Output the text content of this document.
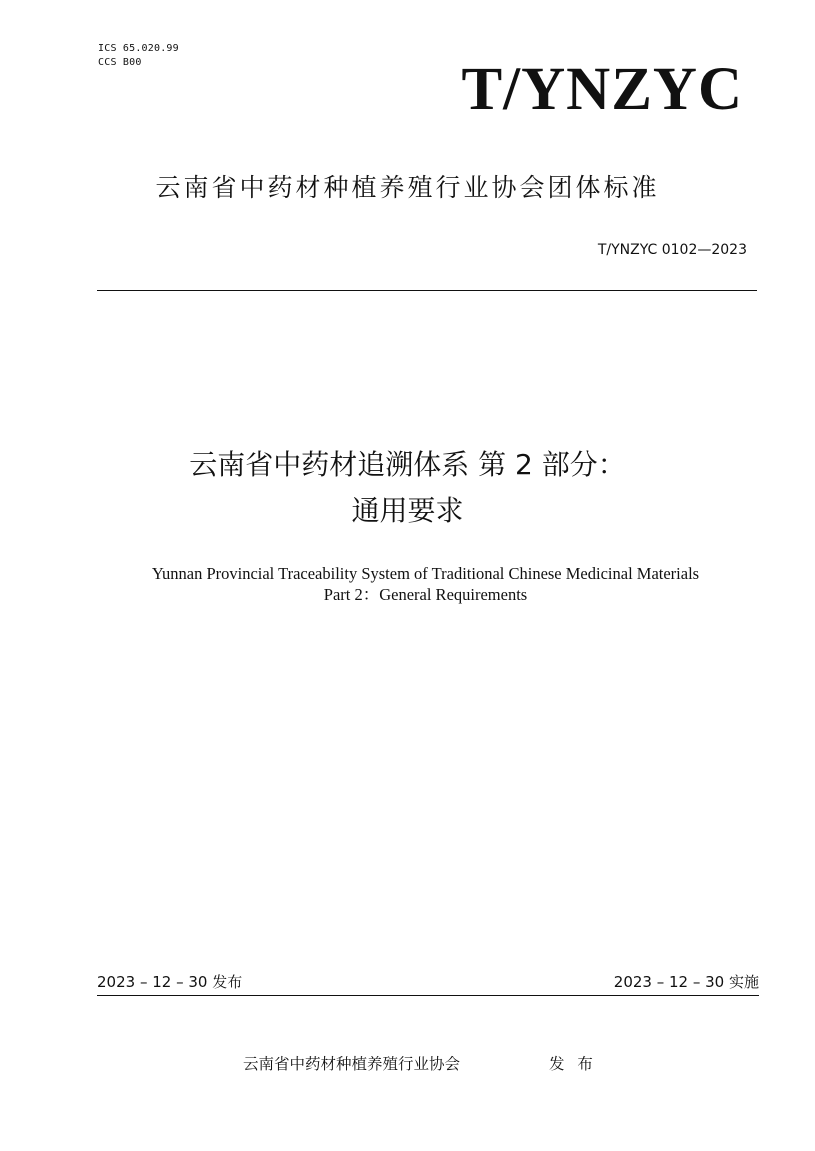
ICS 65.020.99
CCS B00	T/YNZYC
云南省中药材种植养殖行业协会团体标准
T/YNZYC 0102—2023
云南省中药材追溯体系 第 2 部分：
通用要求
Yunnan Provincial Traceability System of Traditional Chinese Medicinal Materials
Part 2：General Requirements
2023 – 12 – 30 发布	2023 – 12 – 30 实施
云南省中药材种植养殖行业协会	发 布
